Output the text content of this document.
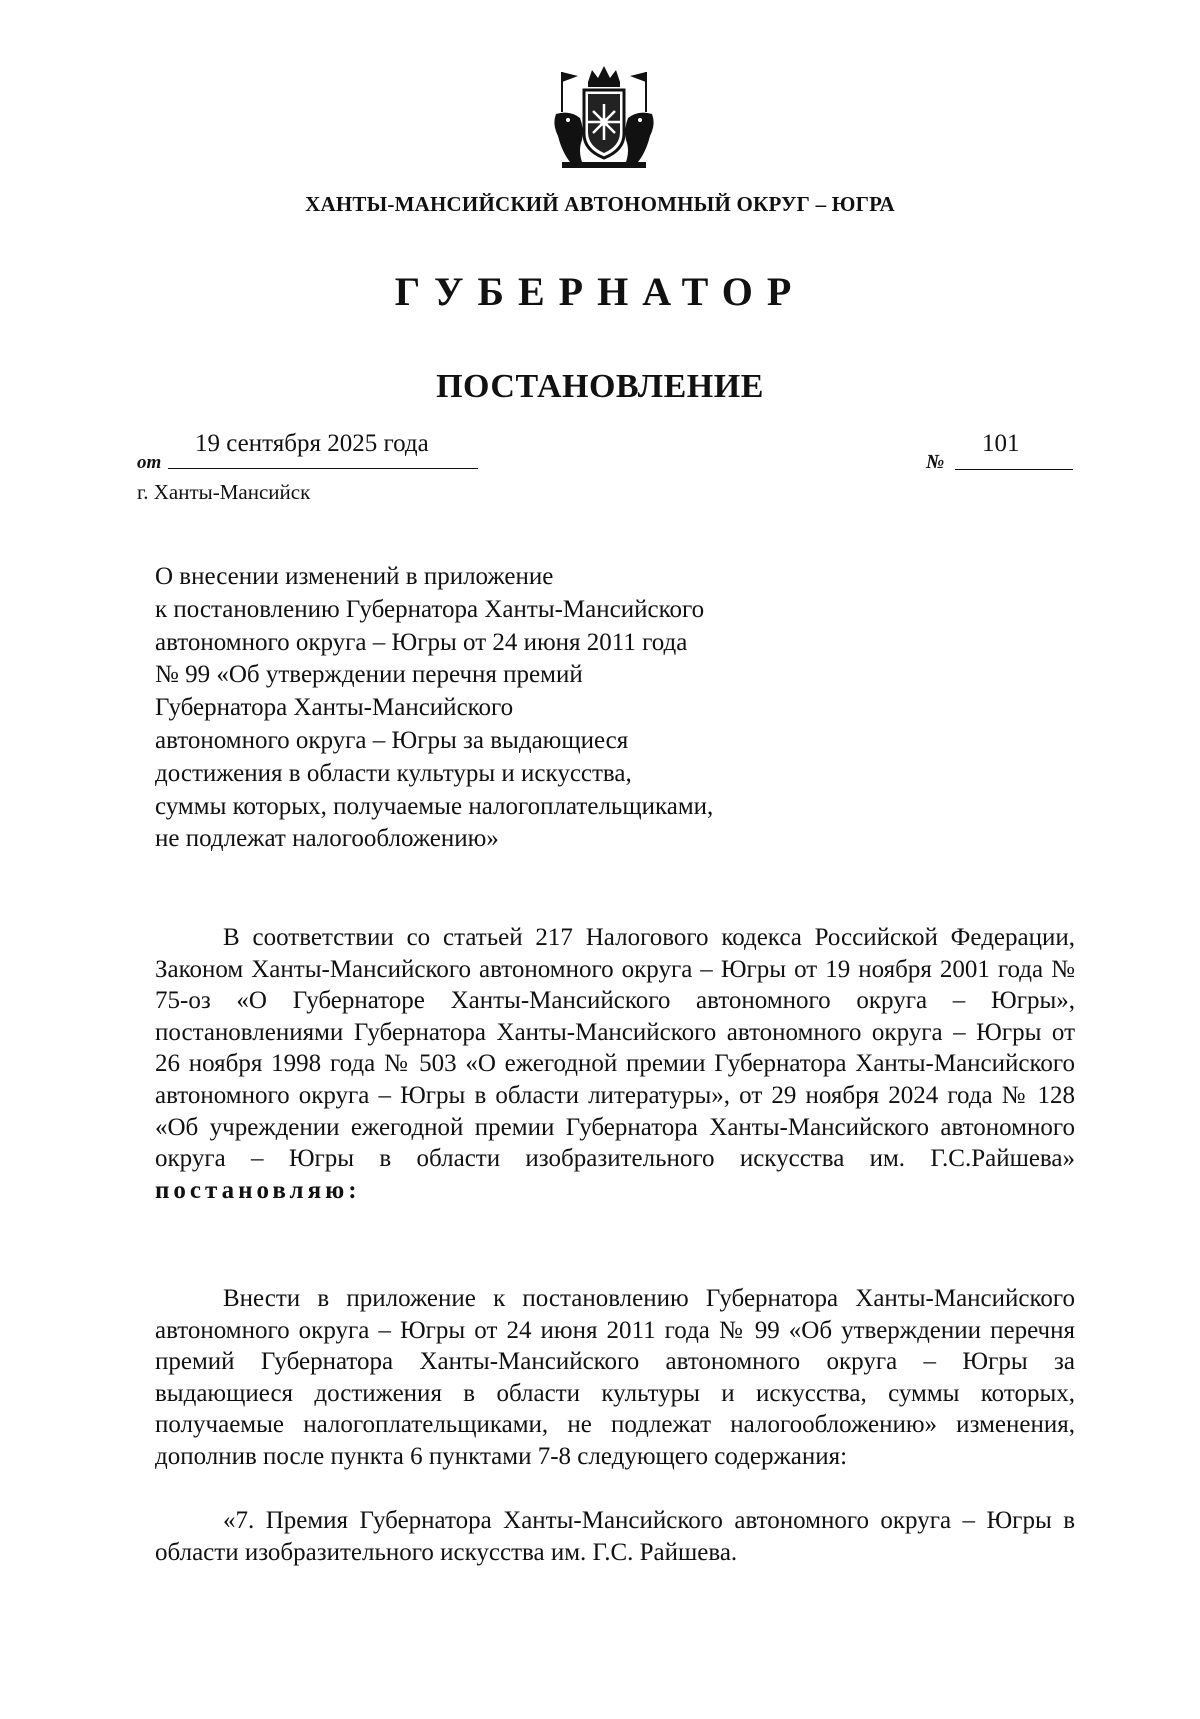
ХАНТЫ-МАНСИЙСКИЙ АВТОНОМНЫЙ ОКРУГ – ЮГРА
ГУБЕРНАТОР
ПОСТАНОВЛЕНИЕ
от
19 сентября 2025 года
№
101
г. Ханты-Мансийск
О внесении изменений в приложение
к постановлению Губернатора Ханты-Мансийского
автономного округа – Югры от 24 июня 2011 года
№ 99 «Об утверждении перечня премий
Губернатора Ханты-Мансийского
автономного округа – Югры за выдающиеся
достижения в области культуры и искусства,
суммы которых, получаемые налогоплательщиками,
не подлежат налогообложению»
В соответствии со статьей 217 Налогового кодекса Российской Федерации, Законом Ханты-Мансийского автономного округа – Югры от 19 ноября 2001 года № 75-оз «О Губернаторе Ханты-Мансийского автономного округа – Югры», постановлениями Губернатора Ханты-Мансийского автономного округа – Югры от 26 ноября 1998 года № 503 «О ежегодной премии Губернатора Ханты-Мансийского автономного округа – Югры в области литературы», от 29 ноября 2024 года № 128 «Об учреждении ежегодной премии Губернатора Ханты-Мансийского автономного округа – Югры в области изобразительного искусства им. Г.С.Райшева» постановляю:
Внести в приложение к постановлению Губернатора Ханты-Мансийского автономного округа – Югры от 24 июня 2011 года № 99 «Об утверждении перечня премий Губернатора Ханты-Мансийского автономного округа – Югры за выдающиеся достижения в области культуры и искусства, суммы которых, получаемые налогоплательщиками, не подлежат налогообложению» изменения, дополнив после пункта 6 пунктами 7-8 следующего содержания:
«7. Премия Губернатора Ханты-Мансийского автономного округа – Югры в области изобразительного искусства им. Г.С. Райшева.
